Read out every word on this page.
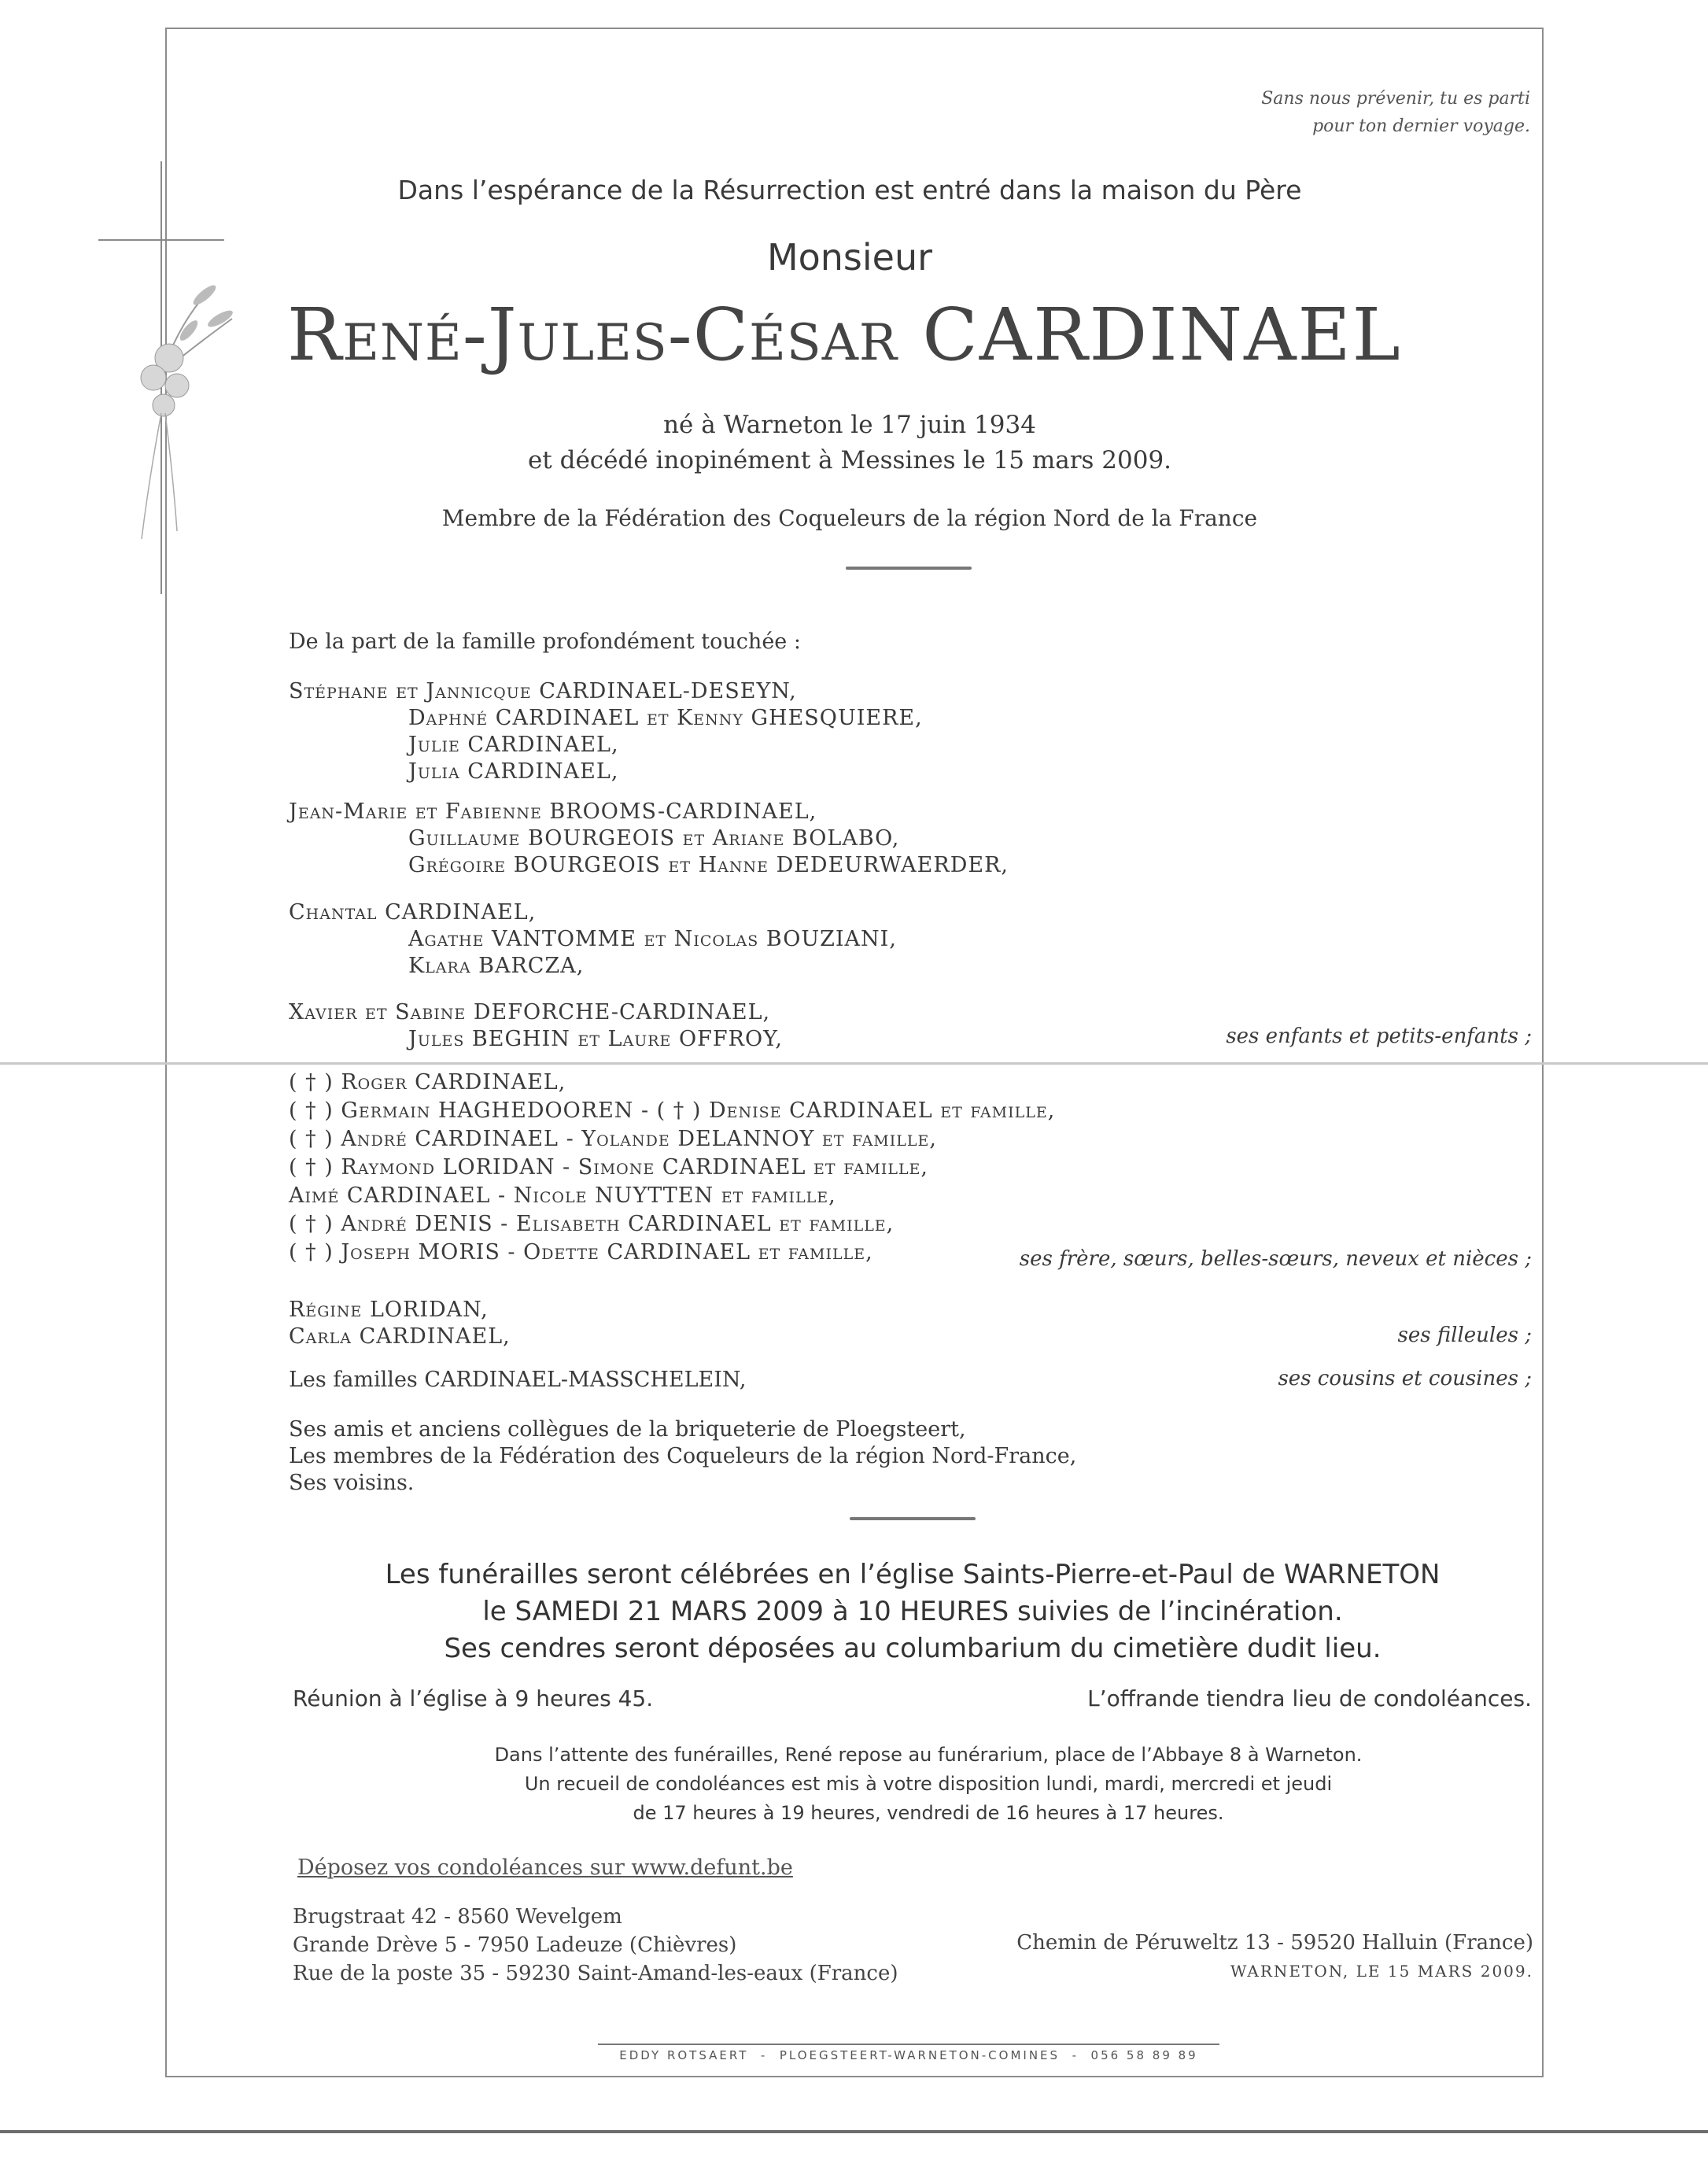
Sans nous prévenir, tu es parti
pour ton dernier voyage.
Dans l’espérance de la Résurrection est entré dans la maison du Père
Monsieur
René-Jules-César CARDINAEL
né à Warneton le 17 juin 1934
et décédé inopinément à Messines le 15 mars 2009.
Membre de la Fédération des Coqueleurs de la région Nord de la France
De la part de la famille profondément touchée :
Stéphane et Jannicque CARDINAEL-DESEYN,
Daphné CARDINAEL et Kenny GHESQUIERE,
Julie CARDINAEL,
Julia CARDINAEL,
Jean-Marie et Fabienne BROOMS-CARDINAEL,
Guillaume BOURGEOIS et Ariane BOLABO,
Grégoire BOURGEOIS et Hanne DEDEURWAERDER,
Chantal CARDINAEL,
Agathe VANTOMME et Nicolas BOUZIANI,
Klara BARCZA,
Xavier et Sabine DEFORCHE-CARDINAEL,
Jules BEGHIN et Laure OFFROY,	ses enfants et petits-enfants ;
( † ) Roger CARDINAEL,
( † ) Germain HAGHEDOOREN - ( † ) Denise CARDINAEL et famille,
( † ) André CARDINAEL - Yolande DELANNOY et famille,
( † ) Raymond LORIDAN - Simone CARDINAEL et famille,
Aimé CARDINAEL - Nicole NUYTTEN et famille,
( † ) André DENIS - Elisabeth CARDINAEL et famille,
( † ) Joseph MORIS - Odette CARDINAEL et famille,	ses frère, sœurs, belles-sœurs, neveux et nièces ;
Régine LORIDAN,
Carla CARDINAEL,	ses filleules ;
Les familles CARDINAEL-MASSCHELEIN,	ses cousins et cousines ;
Ses amis et anciens collègues de la briqueterie de Ploegsteert,
Les membres de la Fédération des Coqueleurs de la région Nord-France,
Ses voisins.
Les funérailles seront célébrées en l’église Saints-Pierre-et-Paul de WARNETON
le SAMEDI 21 MARS 2009 à 10 HEURES suivies de l’incinération.
Ses cendres seront déposées au columbarium du cimetière dudit lieu.
Réunion à l’église à 9 heures 45.	L’offrande tiendra lieu de condoléances.
Dans l’attente des funérailles, René repose au funérarium, place de l’Abbaye 8 à Warneton.
Un recueil de condoléances est mis à votre disposition lundi, mardi, mercredi et jeudi
de 17 heures à 19 heures, vendredi de 16 heures à 17 heures.
Déposez vos condoléances sur www.defunt.be
Brugstraat 42 - 8560 Wevelgem
Grande Drève 5 - 7950 Ladeuze (Chièvres)
Rue de la poste 35 - 59230 Saint-Amand-les-eaux (France)
Chemin de Péruweltz 13 - 59520 Halluin (France)
WARNETON, LE 15 MARS 2009.
EDDY ROTSAERT  -  PLOEGSTEERT-WARNETON-COMINES  -  056 58 89 89
